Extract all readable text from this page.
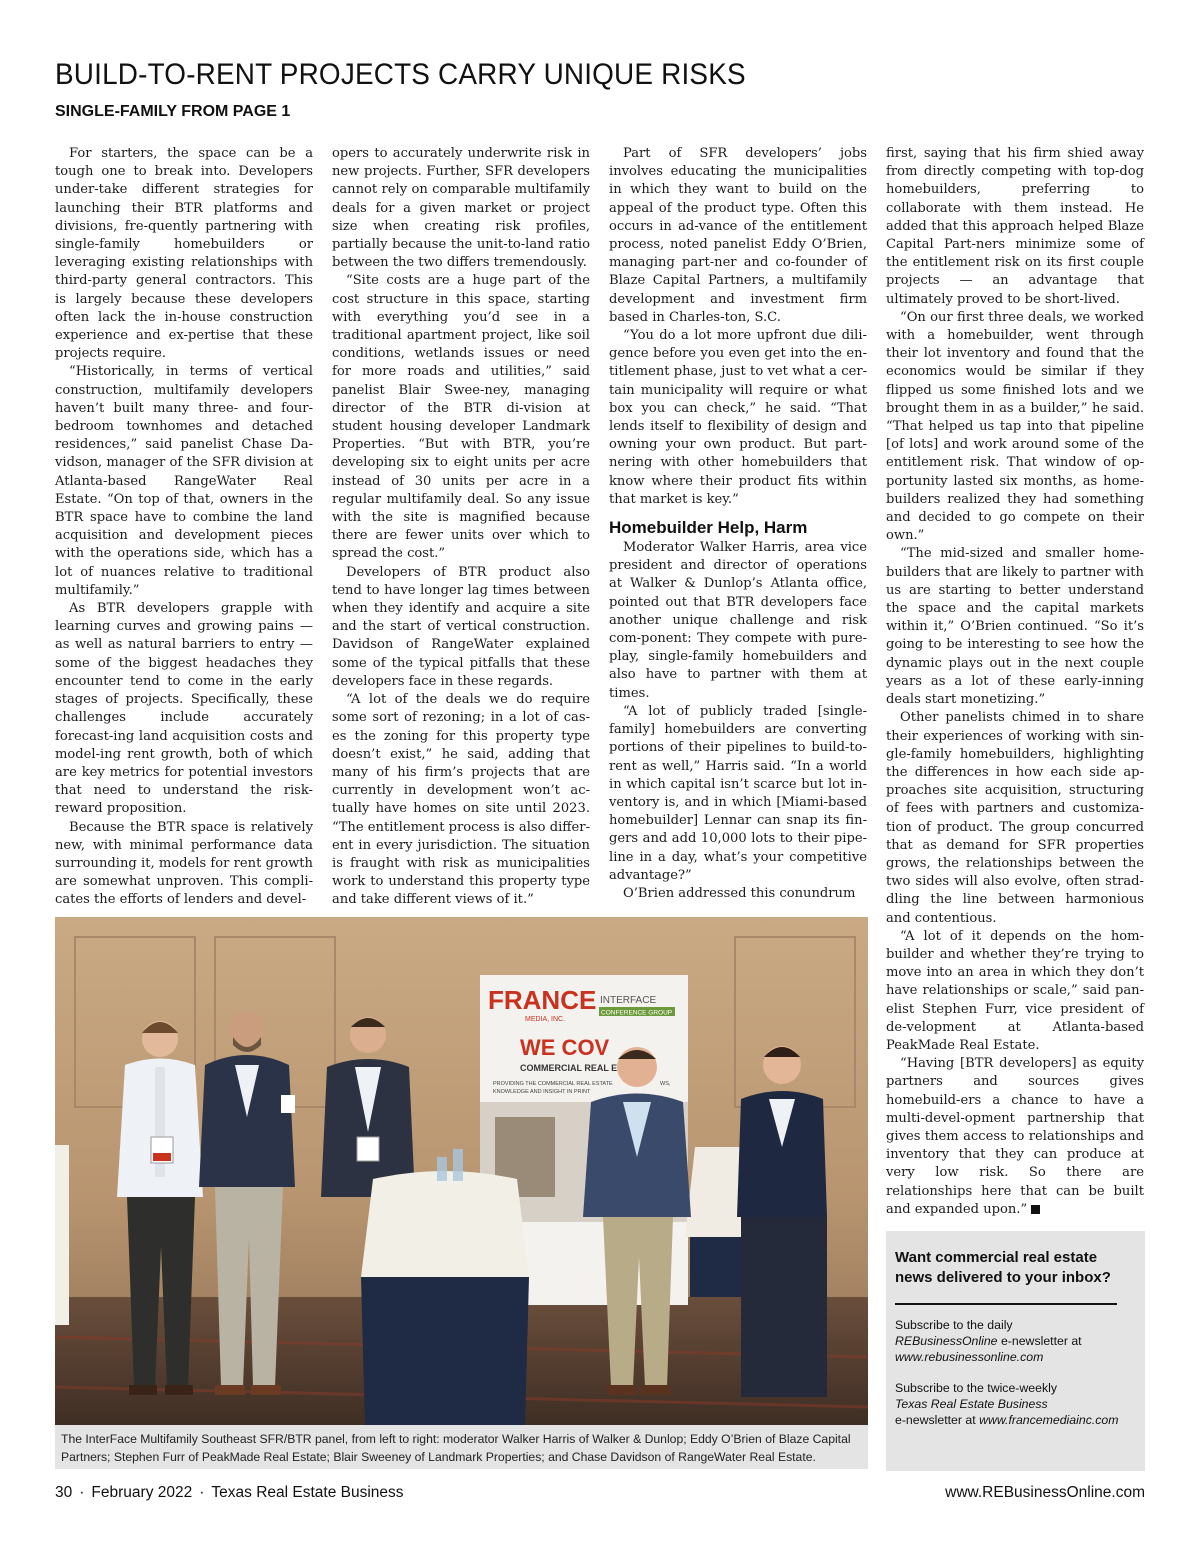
BUILD-TO-RENT PROJECTS CARRY UNIQUE RISKS
SINGLE-FAMILY FROM PAGE 1

For starters, the space can be a tough one to break into. Developers under-take different strategies for launching their BTR platforms and divisions, fre-quently partnering with single-family homebuilders or leveraging existing relationships with third-party general contractors. This is largely because these developers often lack the in-house construction experience and ex-pertise that these projects require.

“Historically, in terms of vertical construction, multifamily developers haven’t built many three- and four-bedroom townhomes and detached residences,” said panelist Chase Da-vidson, manager of the SFR division at Atlanta-based RangeWater Real Estate. “On top of that, owners in the BTR space have to combine the land acquisition and development pieces with the operations side, which has a lot of nuances relative to traditional multifamily.”

As BTR developers grapple with learning curves and growing pains — as well as natural barriers to entry — some of the biggest headaches they encounter tend to come in the early stages of projects. Specifically, these challenges include accurately forecast-ing land acquisition costs and model-ing rent growth, both of which are key metrics for potential investors that need to understand the risk-reward proposition.

Because the BTR space is relatively new, with minimal performance data surrounding it, models for rent growth are somewhat unproven. This compli-cates the efforts of lenders and devel-

opers to accurately underwrite risk in new projects. Further, SFR developers cannot rely on comparable multifamily deals for a given market or project size when creating risk profiles, partially because the unit-to-land ratio between the two differs tremendously.

“Site costs are a huge part of the cost structure in this space, starting with everything you’d see in a traditional apartment project, like soil conditions, wetlands issues or need for more roads and utilities,” said panelist Blair Swee-ney, managing director of the BTR di-vision at student housing developer Landmark Properties. “But with BTR, you’re developing six to eight units per acre instead of 30 units per acre in a regular multifamily deal. So any issue with the site is magnified because there are fewer units over which to spread the cost.”

Developers of BTR product also tend to have longer lag times between when they identify and acquire a site and the start of vertical construction. Davidson of RangeWater explained some of the typical pitfalls that these developers face in these regards.

“A lot of the deals we do require some sort of rezoning; in a lot of cas-es the zoning for this property type doesn’t exist,” he said, adding that many of his firm’s projects that are currently in development won’t ac-tually have homes on site until 2023. “The entitlement process is also differ-ent in every jurisdiction. The situation is fraught with risk as municipalities work to understand this property type and take different views of it.”

Part of SFR developers’ jobs involves educating the municipalities in which they want to build on the appeal of the product type. Often this occurs in ad-vance of the entitlement process, noted panelist Eddy O’Brien, managing part-ner and co-founder of Blaze Capital Partners, a multifamily development and investment firm based in Charles-ton, S.C.

“You do a lot more upfront due dili-gence before you even get into the en-titlement phase, just to vet what a cer-tain municipality will require or what box you can check,” he said. “That lends itself to flexibility of design and owning your own product. But part-nering with other homebuilders that know where their product fits within that market is key.”

Homebuilder Help, Harm

Moderator Walker Harris, area vice president and director of operations at Walker & Dunlop’s Atlanta office, pointed out that BTR developers face another unique challenge and risk com-ponent: They compete with pure-play, single-family homebuilders and also have to partner with them at times.

“A lot of publicly traded [single-family] homebuilders are converting portions of their pipelines to build-to-rent as well,” Harris said. “In a world in which capital isn’t scarce but lot in-ventory is, and in which [Miami-based homebuilder] Lennar can snap its fin-gers and add 10,000 lots to their pipe-line in a day, what’s your competitive advantage?”

O’Brien addressed this conundrum

first, saying that his firm shied away from directly competing with top-dog homebuilders, preferring to collaborate with them instead. He added that this approach helped Blaze Capital Part-ners minimize some of the entitlement risk on its first couple projects — an advantage that ultimately proved to be short-lived.

“On our first three deals, we worked with a homebuilder, went through their lot inventory and found that the economics would be similar if they flipped us some finished lots and we brought them in as a builder,” he said. “That helped us tap into that pipeline [of lots] and work around some of the entitlement risk. That window of op-portunity lasted six months, as home-builders realized they had something and decided to go compete on their own.”

“The mid-sized and smaller home-builders that are likely to partner with us are starting to better understand the space and the capital markets within it,” O’Brien continued. “So it’s going to be interesting to see how the dynamic plays out in the next couple years as a lot of these early-inning deals start monetizing.”

Other panelists chimed in to share their experiences of working with sin-gle-family homebuilders, highlighting the differences in how each side ap-proaches site acquisition, structuring of fees with partners and customiza-tion of product. The group concurred that as demand for SFR properties grows, the relationships between the two sides will also evolve, often strad-dling the line between harmonious and contentious.

“A lot of it depends on the hom-builder and whether they’re trying to move into an area in which they don’t have relationships or scale,” said pan-elist Stephen Furr, vice president of de-velopment at Atlanta-based PeakMade Real Estate.

“Having [BTR developers] as equity partners and sources gives homebuild-ers a chance to have a multi-devel-opment partnership that gives them access to relationships and inventory that they can produce at very low risk. So there are relationships here that can be built and expanded upon.”

FRANCE
MEDIA, INC.
INTERFACE
CONFERENCE GROUP
WE COV
COMMERCIAL REAL E
PROVIDING THE COMMERCIAL REAL ESTATE
KNOWLEDGE AND INSIGHT IN PRINT
WS,
The InterFace Multifamily Southeast SFR/BTR panel, from left to right: moderator Walker Harris of Walker & Dunlop; Eddy O’Brien of Blaze Capital Partners; Stephen Furr of PeakMade Real Estate; Blair Sweeney of Landmark Properties; and Chase Davidson of RangeWater Real Estate.

Want commercial real estate news delivered to your inbox?

Subscribe to the daily
REBusinessOnline e-newsletter at
www.rebusinessonline.com

Subscribe to the twice-weekly
Texas Real Estate Business
e-newsletter at www.francemediainc.com

30 · February 2022 · Texas Real Estate Business	www.REBusinessOnline.com
